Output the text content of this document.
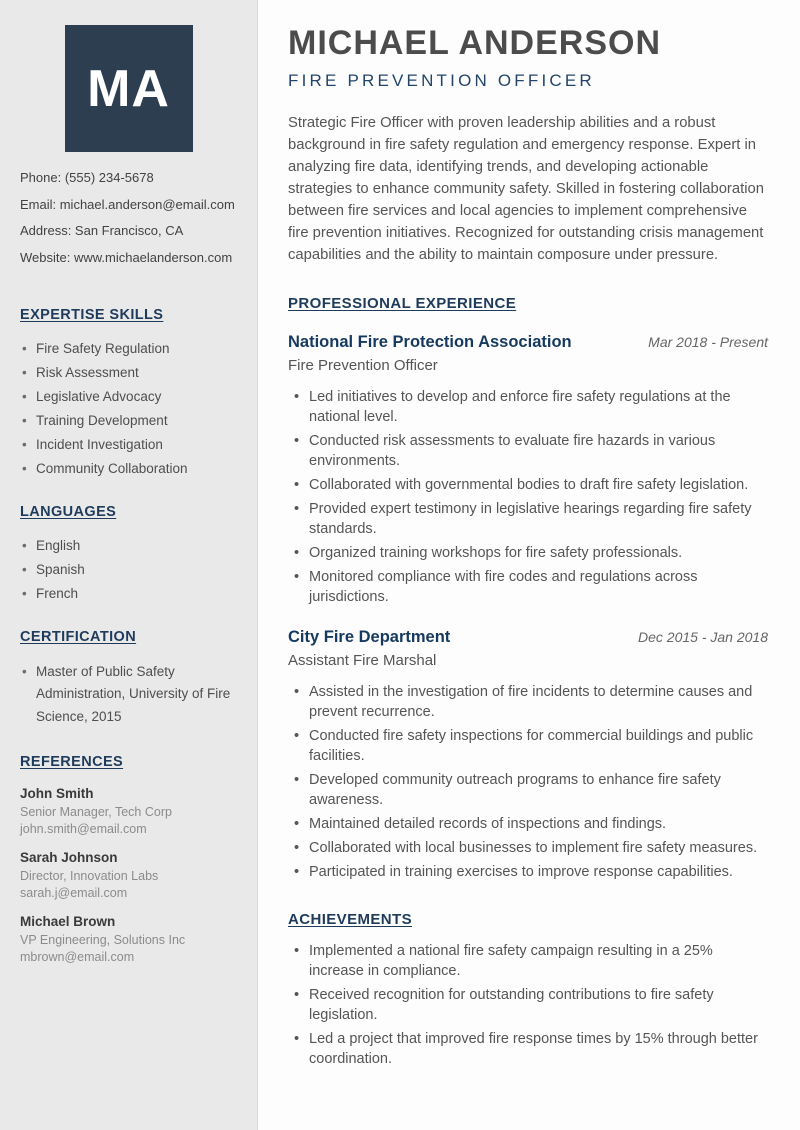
MA
Phone: (555) 234-5678
Email: michael.anderson@email.com
Address: San Francisco, CA
Website: www.michaelanderson.com
EXPERTISE SKILLS
• Fire Safety Regulation
• Risk Assessment
• Legislative Advocacy
• Training Development
• Incident Investigation
• Community Collaboration
LANGUAGES
• English
• Spanish
• French
CERTIFICATION
• Master of Public Safety Administration, University of Fire Science, 2015
REFERENCES
John Smith
Senior Manager, Tech Corp
john.smith@email.com
Sarah Johnson
Director, Innovation Labs
sarah.j@email.com
Michael Brown
VP Engineering, Solutions Inc
mbrown@email.com
MICHAEL ANDERSON
FIRE PREVENTION OFFICER

Strategic Fire Officer with proven leadership abilities and a robust background in fire safety regulation and emergency response. Expert in analyzing fire data, identifying trends, and developing actionable strategies to enhance community safety. Skilled in fostering collaboration between fire services and local agencies to implement comprehensive fire prevention initiatives. Recognized for outstanding crisis management capabilities and the ability to maintain composure under pressure.

PROFESSIONAL EXPERIENCE
National Fire Protection Association	Mar 2018 - Present
Fire Prevention Officer
• Led initiatives to develop and enforce fire safety regulations at the national level.
• Conducted risk assessments to evaluate fire hazards in various environments.
• Collaborated with governmental bodies to draft fire safety legislation.
• Provided expert testimony in legislative hearings regarding fire safety standards.
• Organized training workshops for fire safety professionals.
• Monitored compliance with fire codes and regulations across jurisdictions.
City Fire Department	Dec 2015 - Jan 2018
Assistant Fire Marshal
• Assisted in the investigation of fire incidents to determine causes and prevent recurrence.
• Conducted fire safety inspections for commercial buildings and public facilities.
• Developed community outreach programs to enhance fire safety awareness.
• Maintained detailed records of inspections and findings.
• Collaborated with local businesses to implement fire safety measures.
• Participated in training exercises to improve response capabilities.
ACHIEVEMENTS
• Implemented a national fire safety campaign resulting in a 25% increase in compliance.
• Received recognition for outstanding contributions to fire safety legislation.
• Led a project that improved fire response times by 15% through better coordination.
